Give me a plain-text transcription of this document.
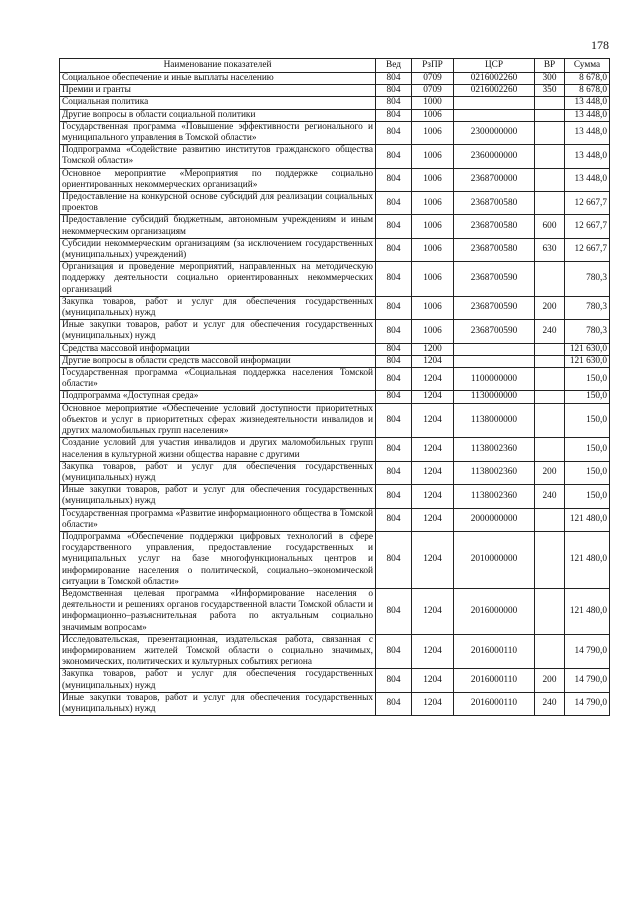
178
Наименование показателей	Вед	РзПР	ЦСР	ВР	Сумма
Социальное обеспечение и иные выплаты населению	804	0709	0216002260	300	8 678,0
Премии и гранты	804	0709	0216002260	350	8 678,0
Социальная политика	804	1000			13 448,0
Другие вопросы в области социальной политики	804	1006			13 448,0
Государственная программа «Повышение эффективности регионального и муниципального управления в Томской области»	804	1006	2300000000		13 448,0
Подпрограмма «Содействие развитию институтов гражданского общества Томской области»	804	1006	2360000000		13 448,0
Основное мероприятие «Мероприятия по поддержке социально ориентированных некоммерческих организаций»	804	1006	2368700000		13 448,0
Предоставление на конкурсной основе субсидий для реализации социальных проектов	804	1006	2368700580		12 667,7
Предоставление субсидий бюджетным, автономным учреждениям и иным некоммерческим организациям	804	1006	2368700580	600	12 667,7
Субсидии некоммерческим организациям (за исключением государственных (муниципальных) учреждений)	804	1006	2368700580	630	12 667,7
Организация и проведение мероприятий, направленных на методическую поддержку деятельности социально ориентированных некоммерческих организаций	804	1006	2368700590		780,3
Закупка товаров, работ и услуг для обеспечения государственных (муниципальных) нужд	804	1006	2368700590	200	780,3
Иные закупки товаров, работ и услуг для обеспечения государственных (муниципальных) нужд	804	1006	2368700590	240	780,3
Средства массовой информации	804	1200			121 630,0
Другие вопросы в области средств массовой информации	804	1204			121 630,0
Государственная программа «Социальная поддержка населения Томской области»	804	1204	1100000000		150,0
Подпрограмма «Доступная среда»	804	1204	1130000000		150,0
Основное мероприятие «Обеспечение условий доступности приоритетных объектов и услуг в приоритетных сферах жизнедеятельности инвалидов и других маломобильных групп населения»	804	1204	1138000000		150,0
Создание условий для участия инвалидов и других маломобильных групп населения в культурной жизни общества наравне с другими	804	1204	1138002360		150,0
Закупка товаров, работ и услуг для обеспечения государственных (муниципальных) нужд	804	1204	1138002360	200	150,0
Иные закупки товаров, работ и услуг для обеспечения государственных (муниципальных) нужд	804	1204	1138002360	240	150,0
Государственная программа «Развитие информационного общества в Томской области»	804	1204	2000000000		121 480,0
Подпрограмма «Обеспечение поддержки цифровых технологий в сфере государственного управления, предоставление государственных и муниципальных услуг на базе многофункциональных центров и информирование населения о политической, социально–экономической ситуации в Томской области»	804	1204	2010000000		121 480,0
Ведомственная целевая программа «Информирование населения о деятельности и решениях органов государственной власти Томской области и информационно–разъяснительная работа по актуальным социально значимым вопросам»	804	1204	2016000000		121 480,0
Исследовательская, презентационная, издательская работа, связанная с информированием жителей Томской области о социально значимых, экономических, политических и культурных событиях региона	804	1204	2016000110		14 790,0
Закупка товаров, работ и услуг для обеспечения государственных (муниципальных) нужд	804	1204	2016000110	200	14 790,0
Иные закупки товаров, работ и услуг для обеспечения государственных (муниципальных) нужд	804	1204	2016000110	240	14 790,0
